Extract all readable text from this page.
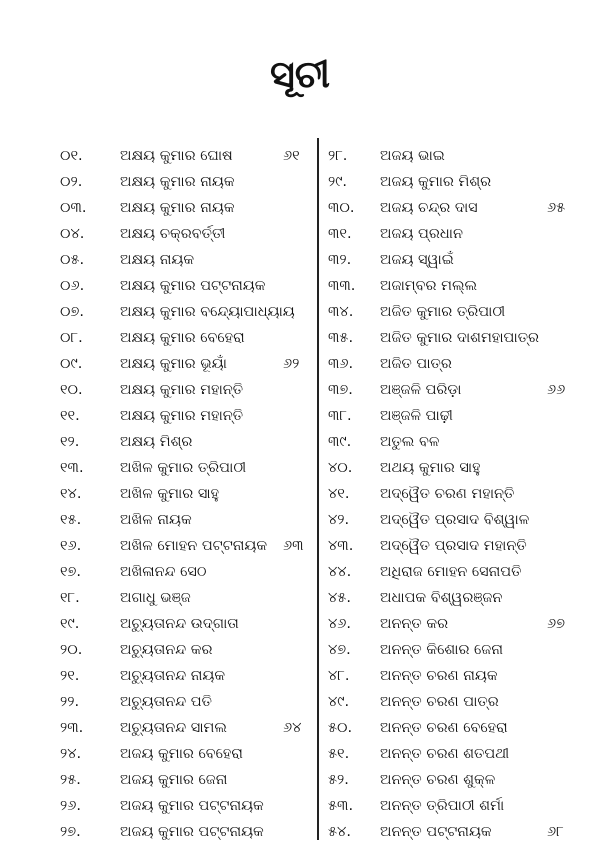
ସୂଚୀ
୦୧.	ଅକ୍ଷୟ କୁମାର ଘୋଷ	୬୧
୦୨.	ଅକ୍ଷୟ କୁମାର ନାୟକ
୦୩. ଅକ୍ଷୟ କୁମାର ନାୟକ
୦୪. ଅକ୍ଷୟ ଚକ୍ରବର୍ତ୍ତୀ
୦୫. ଅକ୍ଷୟ ନାୟକ
୦୬. ଅକ୍ଷୟ କୁମାର ପଟ୍ଟନାୟକ
୦୭. ଅକ୍ଷୟ କୁମାର ବନ୍ଦ୍ୟୋପାଧ୍ୟାୟ
୦୮.	ଅକ୍ଷୟ କୁମାର ବେହେରା
୦୯.	ଅକ୍ଷୟ କୁମାର ଭୂୟାଁ	୬୨
୧୦.	ଅକ୍ଷୟ କୁମାର ମହାନ୍ତି
୧୧.	ଅକ୍ଷୟ କୁମାର ମହାନ୍ତି
୧୨.	ଅକ୍ଷୟ ମିଶ୍ର
୧୩.	ଅଖିଳ କୁମାର ତ୍ରିପାଠୀ
୧୪.	ଅଖିଳ କୁମାର ସାହୁ
୧୫.	ଅଖିଳ ନାୟକ
୧୬.	ଅଖିଳ ମୋହନ ପଟ୍ଟନାୟକ ୬୩
୧୭.	ଅଖିଳାନନ୍ଦ ସେଠ
୧୮.	ଅଗାଧୁ ଭଞ୍ଜ
୧୯.	ଅଚ୍ୟୁତାନନ୍ଦ ଉଦ୍‌ଗାତା
୨୦.	ଅଚ୍ୟୁତାନନ୍ଦ କର
୨୧.	ଅଚ୍ୟୁତାନନ୍ଦ ନାୟକ
୨୨.	ଅଚ୍ୟୁତାନନ୍ଦ ପତି
୨୩.	ଅଚ୍ୟୁତାନନ୍ଦ ସାମଲ	୬୪
୨୪.	ଅଜୟ କୁମାର ବେହେରା
୨୫.	ଅଜୟ କୁମାର ଜେନା
୨୬.	ଅଜୟ କୁମାର ପଟ୍ଟନାୟକ
୨୭.	ଅଜୟ କୁମାର ପଟ୍ଟନାୟକ
୨୮. ଅଜୟ ଭାଇ
୨୯. ଅଜୟ କୁମାର ମିଶ୍ର
୩୦. ଅଜୟ ଚନ୍ଦ୍ର ଦାସ	୬୫
୩୧. ଅଜୟ ପ୍ରଧାନ
୩୨. ଅଜୟ ସ୍ୱାଇଁ
୩୩. ଅଜାମ୍ବର ମଲ୍ଲ
୩୪. ଅଜିତ କୁମାର ତ୍ରିପାଠୀ
୩୫. ଅଜିତ କୁମାର ଦାଶମହାପାତ୍ର
୩୬. ଅଜିତ ପାତ୍ର
୩୭. ଅଞ୍ଜଳି ପରିଡ଼ା	୬୬
୩୮. ଅଞ୍ଜଳି ପାଢ଼ୀ
୩୯. ଅତୁଲ ବଳ
୪୦. ଅଥୟ କୁମାର ସାହୁ
୪୧. ଅଦ୍ୱୈତ ଚରଣ ମହାନ୍ତି
୪୨. ଅଦ୍ୱୈତ ପ୍ରସାଦ ବିଶ୍ୱାଳ
୪୩. ଅଦ୍ୱୈତ ପ୍ରସାଦ ମହାନ୍ତି
୪୪. ଅଧିରାଜ ମୋହନ ସେନାପତି
୪୫. ଅଧାପକ ବିଶ୍ୱରଞ୍ଜନ
୪୬. ଅନନ୍ତ କର	୬୭
୪୭. ଅନନ୍ତ କିଶୋର ଜେନା
୪୮. ଅନନ୍ତ ଚରଣ ନାୟକ
୪୯. ଅନନ୍ତ ଚରଣ ପାତ୍ର
୫୦. ଅନନ୍ତ ଚରଣ ବେହେରା
୫୧. ଅନନ୍ତ ଚରଣ ଶତପଥୀ
୫୨. ଅନନ୍ତ ଚରଣ ଶୁକ୍ଳ
୫୩. ଅନନ୍ତ ତ୍ରିପାଠୀ ଶର୍ମା
୫୪. ଅନନ୍ତ ପଟ୍ଟନାୟକ	୬୮
